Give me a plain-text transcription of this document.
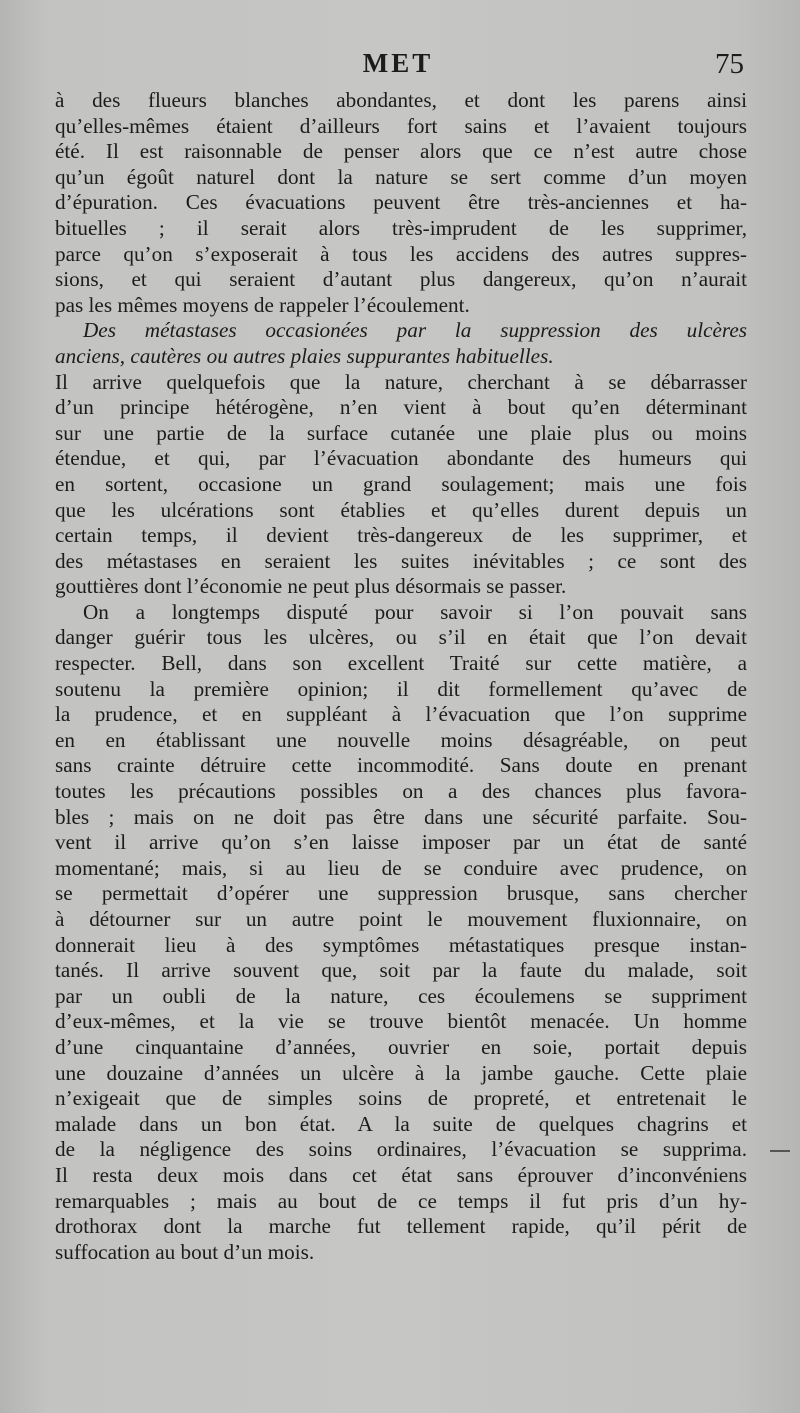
MET	75

à des flueurs blanches abondantes, et dont les parens ainsi
qu’elles-mêmes étaient d’ailleurs fort sains et l’avaient toujours
été. Il est raisonnable de penser alors que ce n’est autre chose
qu’un égoût naturel dont la nature se sert comme d’un moyen
d’épuration. Ces évacuations peuvent être très-anciennes et ha-
bituelles ; il serait alors très-imprudent de les supprimer,
parce qu’on s’exposerait à tous les accidens des autres suppres-
sions, et qui seraient d’autant plus dangereux, qu’on n’aurait
pas les mêmes moyens de rappeler l’écoulement.

Des métastases occasionées par la suppression des ulcères
anciens, cautères ou autres plaies suppurantes habituelles.

Il arrive quelquefois que la nature, cherchant à se débarrasser
d’un principe hétérogène, n’en vient à bout qu’en déterminant
sur une partie de la surface cutanée une plaie plus ou moins
étendue, et qui, par l’évacuation abondante des humeurs qui
en sortent, occasione un grand soulagement; mais une fois
que les ulcérations sont établies et qu’elles durent depuis un
certain temps, il devient très-dangereux de les supprimer, et
des métastases en seraient les suites inévitables ; ce sont des
gouttières dont l’économie ne peut plus désormais se passer.

On a longtemps disputé pour savoir si l’on pouvait sans
danger guérir tous les ulcères, ou s’il en était que l’on devait
respecter. Bell, dans son excellent Traité sur cette matière, a
soutenu la première opinion; il dit formellement qu’avec de
la prudence, et en suppléant à l’évacuation que l’on supprime
en en établissant une nouvelle moins désagréable, on peut
sans crainte détruire cette incommodité. Sans doute en prenant
toutes les précautions possibles on a des chances plus favora-
bles ; mais on ne doit pas être dans une sécurité parfaite. Sou-
vent il arrive qu’on s’en laisse imposer par un état de santé
momentané; mais, si au lieu de se conduire avec prudence, on
se permettait d’opérer une suppression brusque, sans chercher
à détourner sur un autre point le mouvement fluxionnaire, on
donnerait lieu à des symptômes métastatiques presque instan-
tanés. Il arrive souvent que, soit par la faute du malade, soit
par un oubli de la nature, ces écoulemens se suppriment
d’eux-mêmes, et la vie se trouve bientôt menacée. Un homme
d’une cinquantaine d’années, ouvrier en soie, portait depuis
une douzaine d’années un ulcère à la jambe gauche. Cette plaie
n’exigeait que de simples soins de propreté, et entretenait le
malade dans un bon état. A la suite de quelques chagrins et
de la négligence des soins ordinaires, l’évacuation se supprima.
Il resta deux mois dans cet état sans éprouver d’inconvéniens
remarquables ; mais au bout de ce temps il fut pris d’un hy-
drothorax dont la marche fut tellement rapide, qu’il périt de
suffocation au bout d’un mois.
